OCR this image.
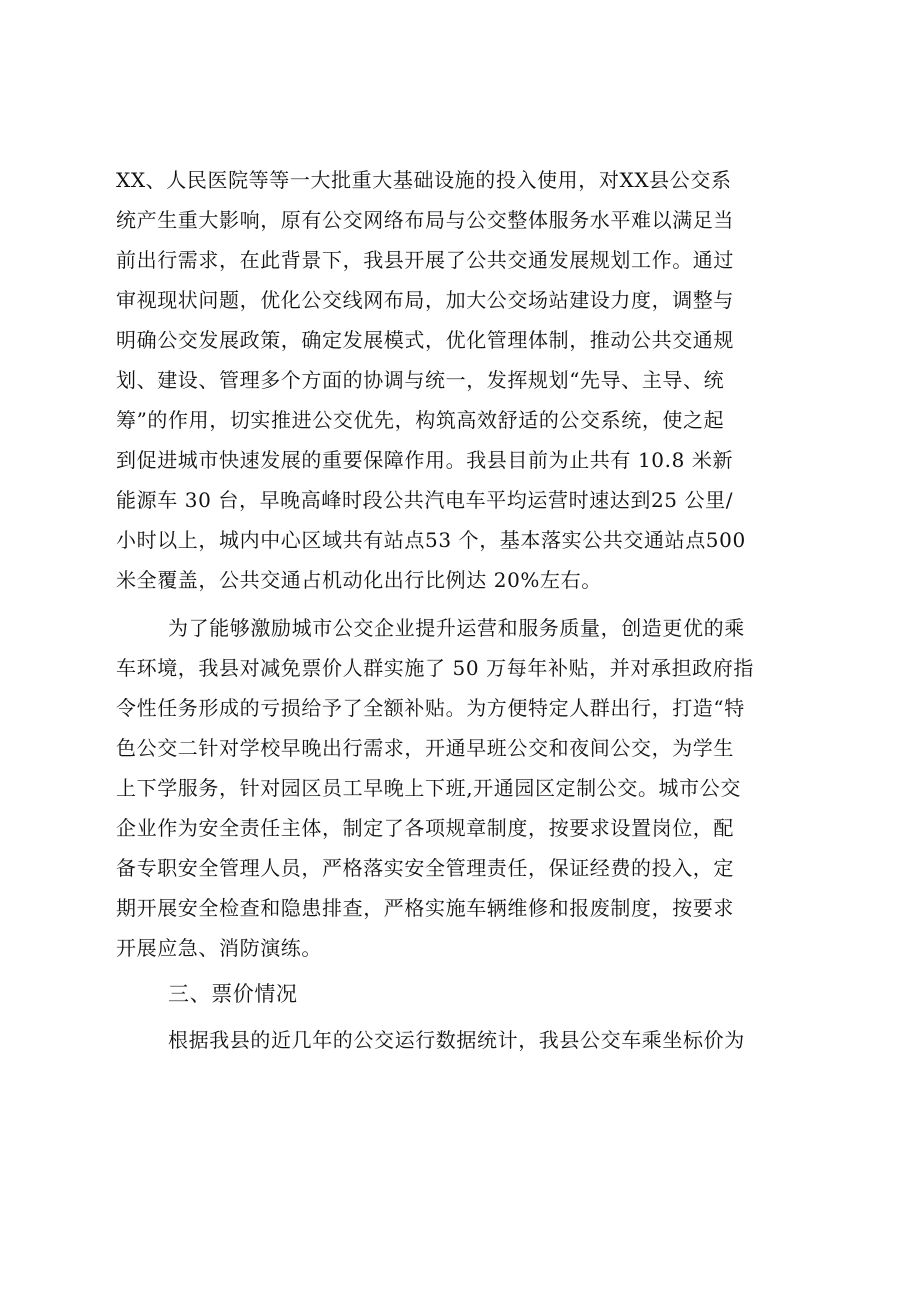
XX、人民医院等等一大批重大基础设施的投入使用，对XX县公交系
统产生重大影响，原有公交网络布局与公交整体服务水平难以满足当
前出行需求，在此背景下，我县开展了公共交通发展规划工作。通过
审视现状问题，优化公交线网布局，加大公交场站建设力度，调整与
明确公交发展政策，确定发展模式，优化管理体制，推动公共交通规
划、建设、管理多个方面的协调与统一，发挥规划“先导、主导、统
筹”的作用，切实推进公交优先，构筑高效舒适的公交系统，使之起
到促进城市快速发展的重要保障作用。我县目前为止共有 10.8 米新
能源车 30 台，早晚高峰时段公共汽电车平均运营时速达到25 公里/
小时以上，城内中心区域共有站点53 个，基本落实公共交通站点500
米全覆盖，公共交通占机动化出行比例达 20%左右。
为了能够激励城市公交企业提升运营和服务质量，创造更优的乘
车环境，我县对减免票价人群实施了 50 万每年补贴，并对承担政府指
令性任务形成的亏损给予了全额补贴。为方便特定人群出行，打造“特
色公交二针对学校早晚出行需求，开通早班公交和夜间公交，为学生
上下学服务，针对园区员工早晚上下班,开通园区定制公交。城市公交
企业作为安全责任主体，制定了各项规章制度，按要求设置岗位，配
备专职安全管理人员，严格落实安全管理责任，保证经费的投入，定
期开展安全检查和隐患排查，严格实施车辆维修和报废制度，按要求
开展应急、消防演练。
三、票价情况
根据我县的近几年的公交运行数据统计，我县公交车乘坐标价为
